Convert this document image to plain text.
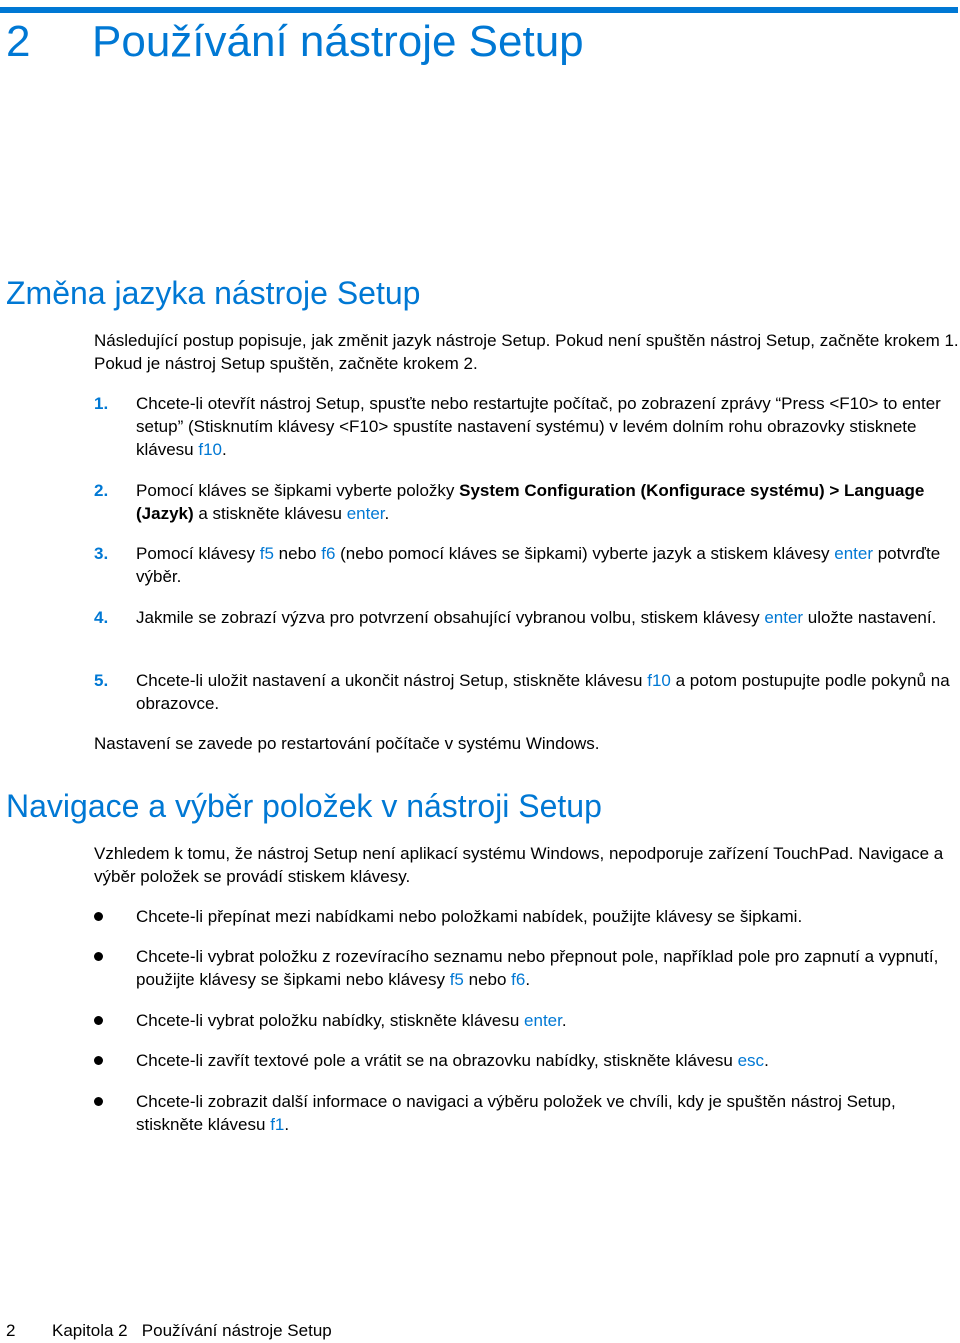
2 Používání nástroje Setup
Změna jazyka nástroje Setup

Následující postup popisuje, jak změnit jazyk nástroje Setup. Pokud není spuštěn nástroj Setup, začněte krokem 1. Pokud je nástroj Setup spuštěn, začněte krokem 2.

1. Chcete-li otevřít nástroj Setup, spusťte nebo restartujte počítač, po zobrazení zprávy “Press <F10> to enter setup” (Stisknutím klávesy <F10> spustíte nastavení systému) v levém dolním rohu obrazovky stisknete klávesu f10.
2. Pomocí kláves se šipkami vyberte položky System Configuration (Konfigurace systému) > Language (Jazyk) a stiskněte klávesu enter.
3. Pomocí klávesy f5 nebo f6 (nebo pomocí kláves se šipkami) vyberte jazyk a stiskem klávesy enter potvrďte výběr.
4. Jakmile se zobrazí výzva pro potvrzení obsahující vybranou volbu, stiskem klávesy enter uložte nastavení.
5. Chcete-li uložit nastavení a ukončit nástroj Setup, stiskněte klávesu f10 a potom postupujte podle pokynů na obrazovce.

Nastavení se zavede po restartování počítače v systému Windows.

Navigace a výběr položek v nástroji Setup

Vzhledem k tomu, že nástroj Setup není aplikací systému Windows, nepodporuje zařízení TouchPad. Navigace a výběr položek se provádí stiskem klávesy.

Chcete-li přepínat mezi nabídkami nebo položkami nabídek, použijte klávesy se šipkami.
Chcete-li vybrat položku z rozevíracího seznamu nebo přepnout pole, například pole pro zapnutí a vypnutí, použijte klávesy se šipkami nebo klávesy f5 nebo f6.
Chcete-li vybrat položku nabídky, stiskněte klávesu enter.
Chcete-li zavřít textové pole a vrátit se na obrazovku nabídky, stiskněte klávesu esc.
Chcete-li zobrazit další informace o navigaci a výběru položek ve chvíli, kdy je spuštěn nástroj Setup, stiskněte klávesu f1.
2 Kapitola 2   Používání nástroje Setup
